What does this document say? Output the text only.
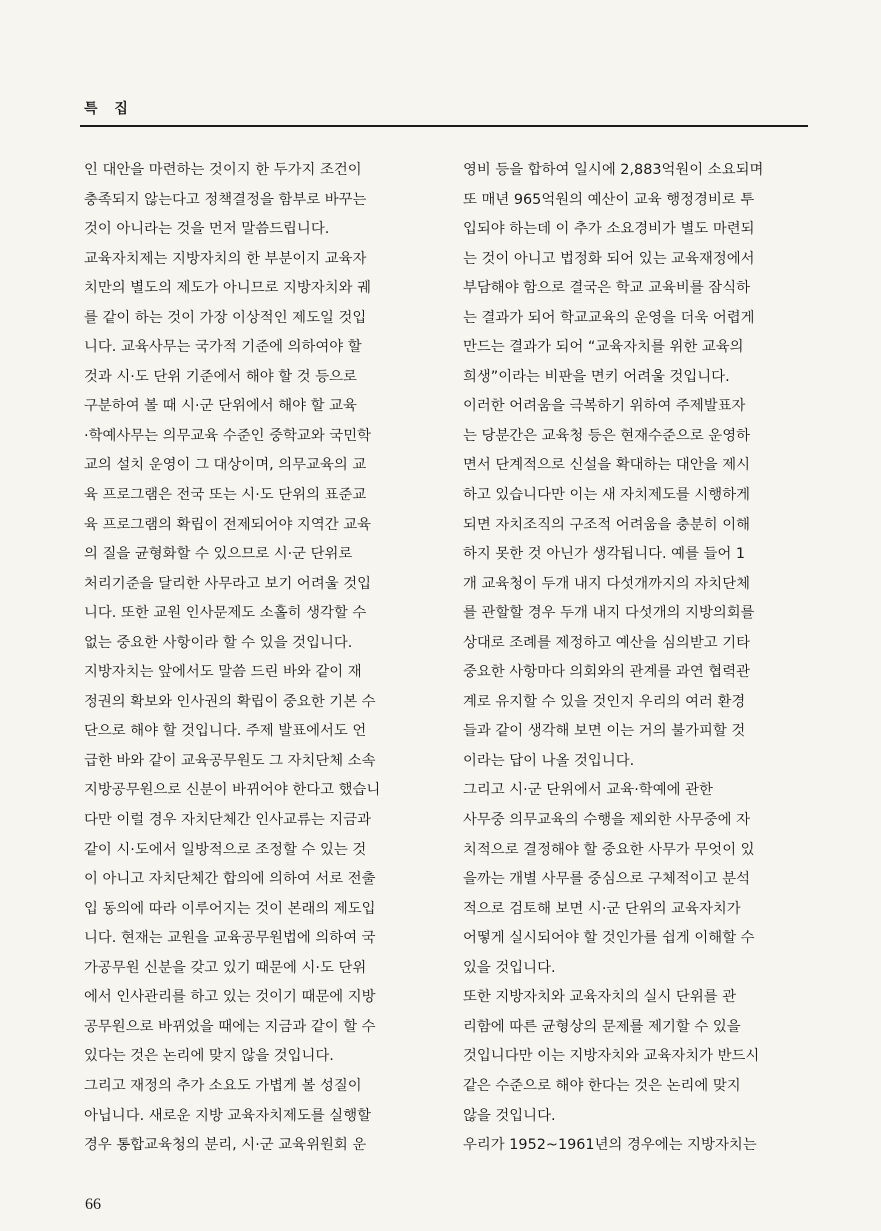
특 집
인 대안을 마련하는 것이지 한 두가지 조건이
충족되지 않는다고 정책결정을 함부로 바꾸는
것이 아니라는 것을 먼저 말씀드립니다.
교육자치제는 지방자치의 한 부분이지 교육자
치만의 별도의 제도가 아니므로 지방자치와 궤
를 같이 하는 것이 가장 이상적인 제도일 것입
니다. 교육사무는 국가적 기준에 의하여야 할
것과 시·도 단위 기준에서 해야 할 것 등으로
구분하여 볼 때 시·군 단위에서 해야 할 교육
·학예사무는 의무교육 수준인 중학교와 국민학
교의 설치 운영이 그 대상이며, 의무교육의 교
육 프로그램은 전국 또는 시·도 단위의 표준교
육 프로그램의 확립이 전제되어야 지역간 교육
의 질을 균형화할 수 있으므로 시·군 단위로
처리기준을 달리한 사무라고 보기 어려울 것입
니다. 또한 교원 인사문제도 소홀히 생각할 수
없는 중요한 사항이라 할 수 있을 것입니다.
지방자치는 앞에서도 말씀 드린 바와 같이 재
정권의 확보와 인사권의 확립이 중요한 기본 수
단으로 해야 할 것입니다. 주제 발표에서도 언
급한 바와 같이 교육공무원도 그 자치단체 소속
지방공무원으로 신분이 바뀌어야 한다고 했습니
다만 이럴 경우 자치단체간 인사교류는 지금과
같이 시·도에서 일방적으로 조정할 수 있는 것
이 아니고 자치단체간 합의에 의하여 서로 전출
입 동의에 따라 이루어지는 것이 본래의 제도입
니다. 현재는 교원을 교육공무원법에 의하여 국
가공무원 신분을 갖고 있기 때문에 시·도 단위
에서 인사관리를 하고 있는 것이기 때문에 지방
공무원으로 바뀌었을 때에는 지금과 같이 할 수
있다는 것은 논리에 맞지 않을 것입니다.
그리고 재정의 추가 소요도 가볍게 볼 성질이
아닙니다. 새로운 지방 교육자치제도를 실행할
경우 통합교육청의 분리, 시·군 교육위원회 운
영비 등을 합하여 일시에 2,883억원이 소요되며
또 매년 965억원의 예산이 교육 행정경비로 투
입되야 하는데 이 추가 소요경비가 별도 마련되
는 것이 아니고 법정화 되어 있는 교육재정에서
부담해야 함으로 결국은 학교 교육비를 잠식하
는 결과가 되어 학교교육의 운영을 더욱 어렵게
만드는 결과가 되어 “교육자치를 위한 교육의
희생”이라는 비판을 면키 어려울 것입니다.
이러한 어려움을 극복하기 위하여 주제발표자
는 당분간은 교육청 등은 현재수준으로 운영하
면서 단계적으로 신설을 확대하는 대안을 제시
하고 있습니다만 이는 새 자치제도를 시행하게
되면 자치조직의 구조적 어려움을 충분히 이해
하지 못한 것 아닌가 생각됩니다. 예를 들어 1
개 교육청이 두개 내지 다섯개까지의 자치단체
를 관할할 경우 두개 내지 다섯개의 지방의회를
상대로 조례를 제정하고 예산을 심의받고 기타
중요한 사항마다 의회와의 관계를 과연 협력관
계로 유지할 수 있을 것인지 우리의 여러 환경
들과 같이 생각해 보면 이는 거의 불가피할 것
이라는 답이 나올 것입니다.
그리고 시·군 단위에서 교육·학예에 관한
사무중 의무교육의 수행을 제외한 사무중에 자
치적으로 결정해야 할 중요한 사무가 무엇이 있
을까는 개별 사무를 중심으로 구체적이고 분석
적으로 검토해 보면 시·군 단위의 교육자치가
어떻게 실시되어야 할 것인가를 쉽게 이해할 수
있을 것입니다.
또한 지방자치와 교육자치의 실시 단위를 관
리함에 따른 균형상의 문제를 제기할 수 있을
것입니다만 이는 지방자치와 교육자치가 반드시
같은 수준으로 해야 한다는 것은 논리에 맞지
않을 것입니다.
우리가 1952~1961년의 경우에는 지방자치는
66
